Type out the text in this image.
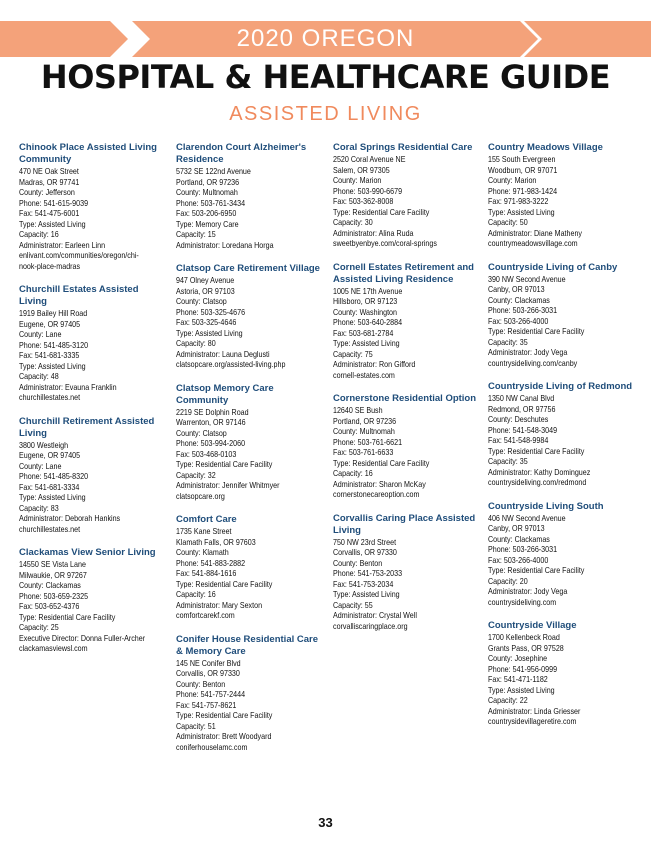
2020 OREGON
HOSPITAL & HEALTHCARE GUIDE
ASSISTED LIVING
Chinook Place Assisted Living Community
470 NE Oak Street
Madras, OR 97741
County: Jefferson
Phone: 541-615-9039
Fax: 541-475-6001
Type: Assisted Living
Capacity: 16
Administrator: Earleen Linn
enlivant.com/communities/oregon/chi-
nook-place-madras
Churchill Estates Assisted Living
1919 Bailey Hill Road
Eugene, OR 97405
County: Lane
Phone: 541-485-3120
Fax: 541-681-3335
Type: Assisted Living
Capacity: 48
Administrator: Evauna Franklin
churchillestates.net
Churchill Retirement Assisted Living
3800 Westleigh
Eugene, OR 97405
County: Lane
Phone: 541-485-8320
Fax: 541-681-3334
Type: Assisted Living
Capacity: 83
Administrator: Deborah Hankins
churchillestates.net
Clackamas View Senior Living
14550 SE Vista Lane
Milwaukie, OR 97267
County: Clackamas
Phone: 503-659-2325
Fax: 503-652-4376
Type: Residential Care Facility
Capacity: 25
Executive Director: Donna Fuller-Archer
clackamasviewsl.com
Clarendon Court Alzheimer's Residence
5732 SE 122nd Avenue
Portland, OR 97236
County: Multnomah
Phone: 503-761-3434
Fax: 503-206-6950
Type: Memory Care
Capacity: 15
Administrator: Loredana Horga
Clatsop Care Retirement Village
947 Olney Avenue
Astoria, OR 97103
County: Clatsop
Phone: 503-325-4676
Fax: 503-325-4646
Type: Assisted Living
Capacity: 80
Administrator: Launa Deglusti
clatsopcare.org/assisted-living.php
Clatsop Memory Care Community
2219 SE Dolphin Road
Warrenton, OR 97146
County: Clatsop
Phone: 503-994-2060
Fax: 503-468-0103
Type: Residential Care Facility
Capacity: 32
Administrator: Jennifer Whitmyer
clatsopcare.org
Comfort Care
1735 Kane Street
Klamath Falls, OR 97603
County: Klamath
Phone: 541-883-2882
Fax: 541-884-1616
Type: Residential Care Facility
Capacity: 16
Administrator: Mary Sexton
comfortcarekf.com
Conifer House Residential Care & Memory Care
145 NE Conifer Blvd
Corvallis, OR 97330
County: Benton
Phone: 541-757-2444
Fax: 541-757-8621
Type: Residential Care Facility
Capacity: 51
Administrator: Brett Woodyard
coniferhouselamc.com
Coral Springs Residential Care
2520 Coral Avenue NE
Salem, OR 97305
County: Marion
Phone: 503-990-6679
Fax: 503-362-8008
Type: Residential Care Facility
Capacity: 30
Administrator: Alina Ruda
sweetbyenbye.com/coral-springs
Cornell Estates Retirement and Assisted Living Residence
1005 NE 17th Avenue
Hillsboro, OR 97123
County: Washington
Phone: 503-640-2884
Fax: 503-681-2784
Type: Assisted Living
Capacity: 75
Administrator: Ron Gifford
cornell-estates.com
Cornerstone Residential Option
12640 SE Bush
Portland, OR 97236
County: Multnomah
Phone: 503-761-6621
Fax: 503-761-6633
Type: Residential Care Facility
Capacity: 16
Administrator: Sharon McKay
cornerstonecareoption.com
Corvallis Caring Place Assisted Living
750 NW 23rd Street
Corvallis, OR 97330
County: Benton
Phone: 541-753-2033
Fax: 541-753-2034
Type: Assisted Living
Capacity: 55
Administrator: Crystal Well
corvalliscaringplace.org
Country Meadows Village
155 South Evergreen
Woodburn, OR 97071
County: Marion
Phone: 971-983-1424
Fax: 971-983-3222
Type: Assisted Living
Capacity: 50
Administrator: Diane Matheny
countrymeadowsvillage.com
Countryside Living of Canby
390 NW Second Avenue
Canby, OR 97013
County: Clackamas
Phone: 503-266-3031
Fax: 503-266-4000
Type: Residential Care Facility
Capacity: 35
Administrator: Jody Vega
countrysideliving.com/canby
Countryside Living of Redmond
1350 NW Canal Blvd
Redmond, OR 97756
County: Deschutes
Phone: 541-548-3049
Fax: 541-548-9984
Type: Residential Care Facility
Capacity: 35
Administrator: Kathy Dominguez
countrysideliving.com/redmond
Countryside Living South
406 NW Second Avenue
Canby, OR 97013
County: Clackamas
Phone: 503-266-3031
Fax: 503-266-4000
Type: Residential Care Facility
Capacity: 20
Administrator: Jody Vega
countrysideliving.com
Countryside Village
1700 Kellenbeck Road
Grants Pass, OR 97528
County: Josephine
Phone: 541-956-0999
Fax: 541-471-1182
Type: Assisted Living
Capacity: 22
Administrator: Linda Griesser
countrysidevillageretire.com
33
